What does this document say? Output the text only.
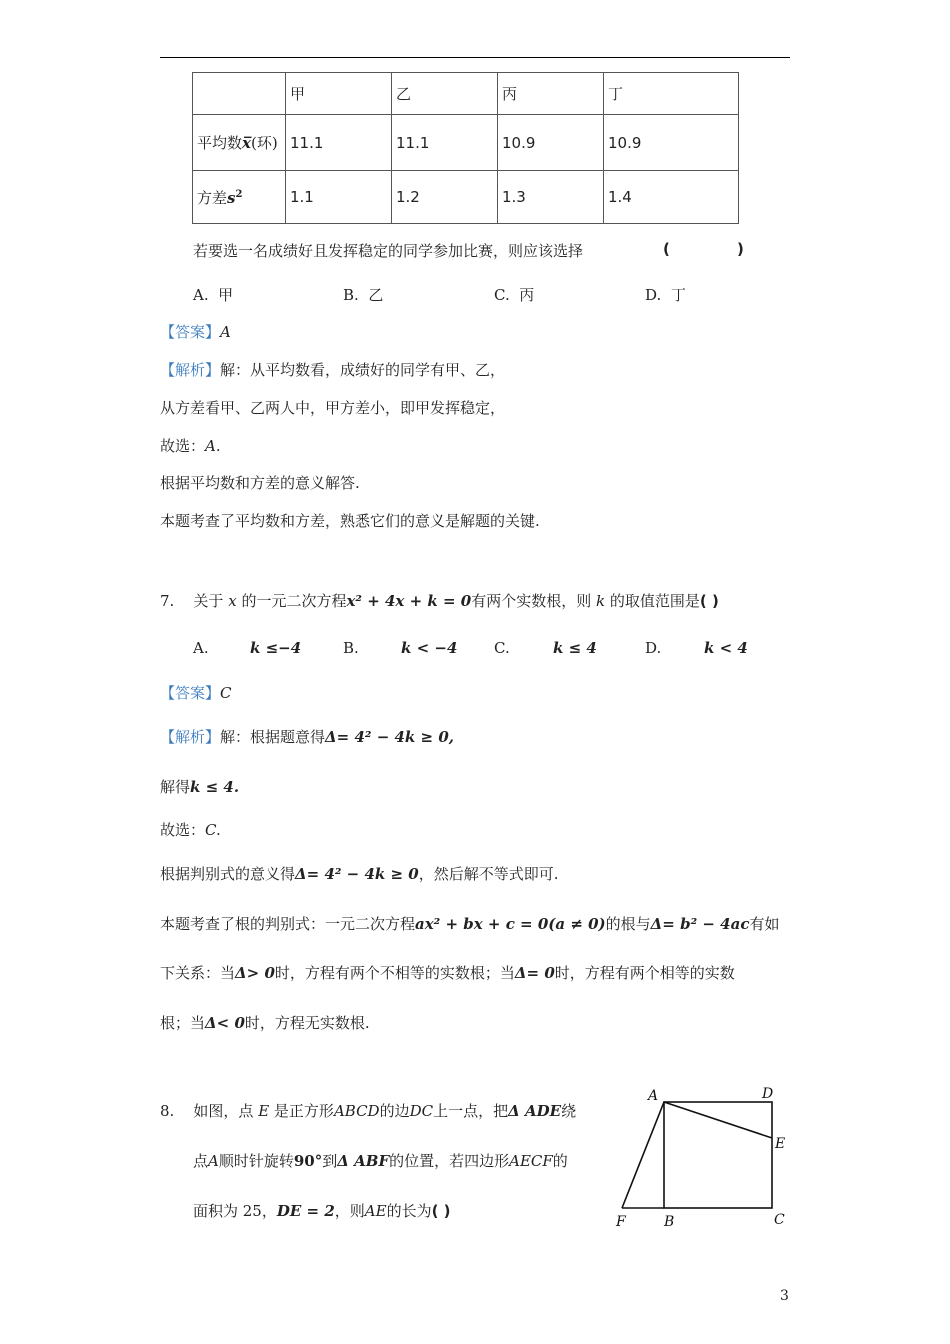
	甲	乙	丙	丁
平均数x̅(环)	11.1	11.1	10.9	10.9
方差$s^2$	1.1	1.2	1.3	1.4
若要选一名成绩好且发挥稳定的同学参加比赛，则应该选择	(	)
A. 甲	B. 乙	C. 丙	D. 丁
【答案】A
【解析】解：从平均数看，成绩好的同学有甲、乙，
从方差看甲、乙两人中，甲方差小，即甲发挥稳定，
故选：A.
根据平均数和方差的意义解答.
本题考查了平均数和方差，熟悉它们的意义是解题的关键.
7. 关于 x 的一元二次方程x² + 4x + k = 0有两个实数根，则 k 的取值范围是( )
A.	k ≤−4	B.	k < −4 C.	k ≤ 4	D.	k < 4
【答案】C
【解析】解：根据题意得Δ= 4² − 4k ≥ 0,
解得k ≤ 4.
故选：C.
根据判别式的意义得Δ= 4² − 4k ≥ 0，然后解不等式即可.
本题考查了根的判别式：一元二次方程ax² + bx + c = 0(a ≠ 0)的根与Δ= b² − 4ac有如
下关系：当Δ> 0时，方程有两个不相等的实数根；当Δ= 0时，方程有两个相等的实数
根；当Δ< 0时，方程无实数根.
8. 如图，点 E 是正方形ABCD的边DC上一点，把Δ ADE绕
点A顺时针旋转90°到Δ ABF的位置，若四边形AECF的
面积为 25，DE = 2，则AE的长为( )
A	D
E
F	B	C
3
